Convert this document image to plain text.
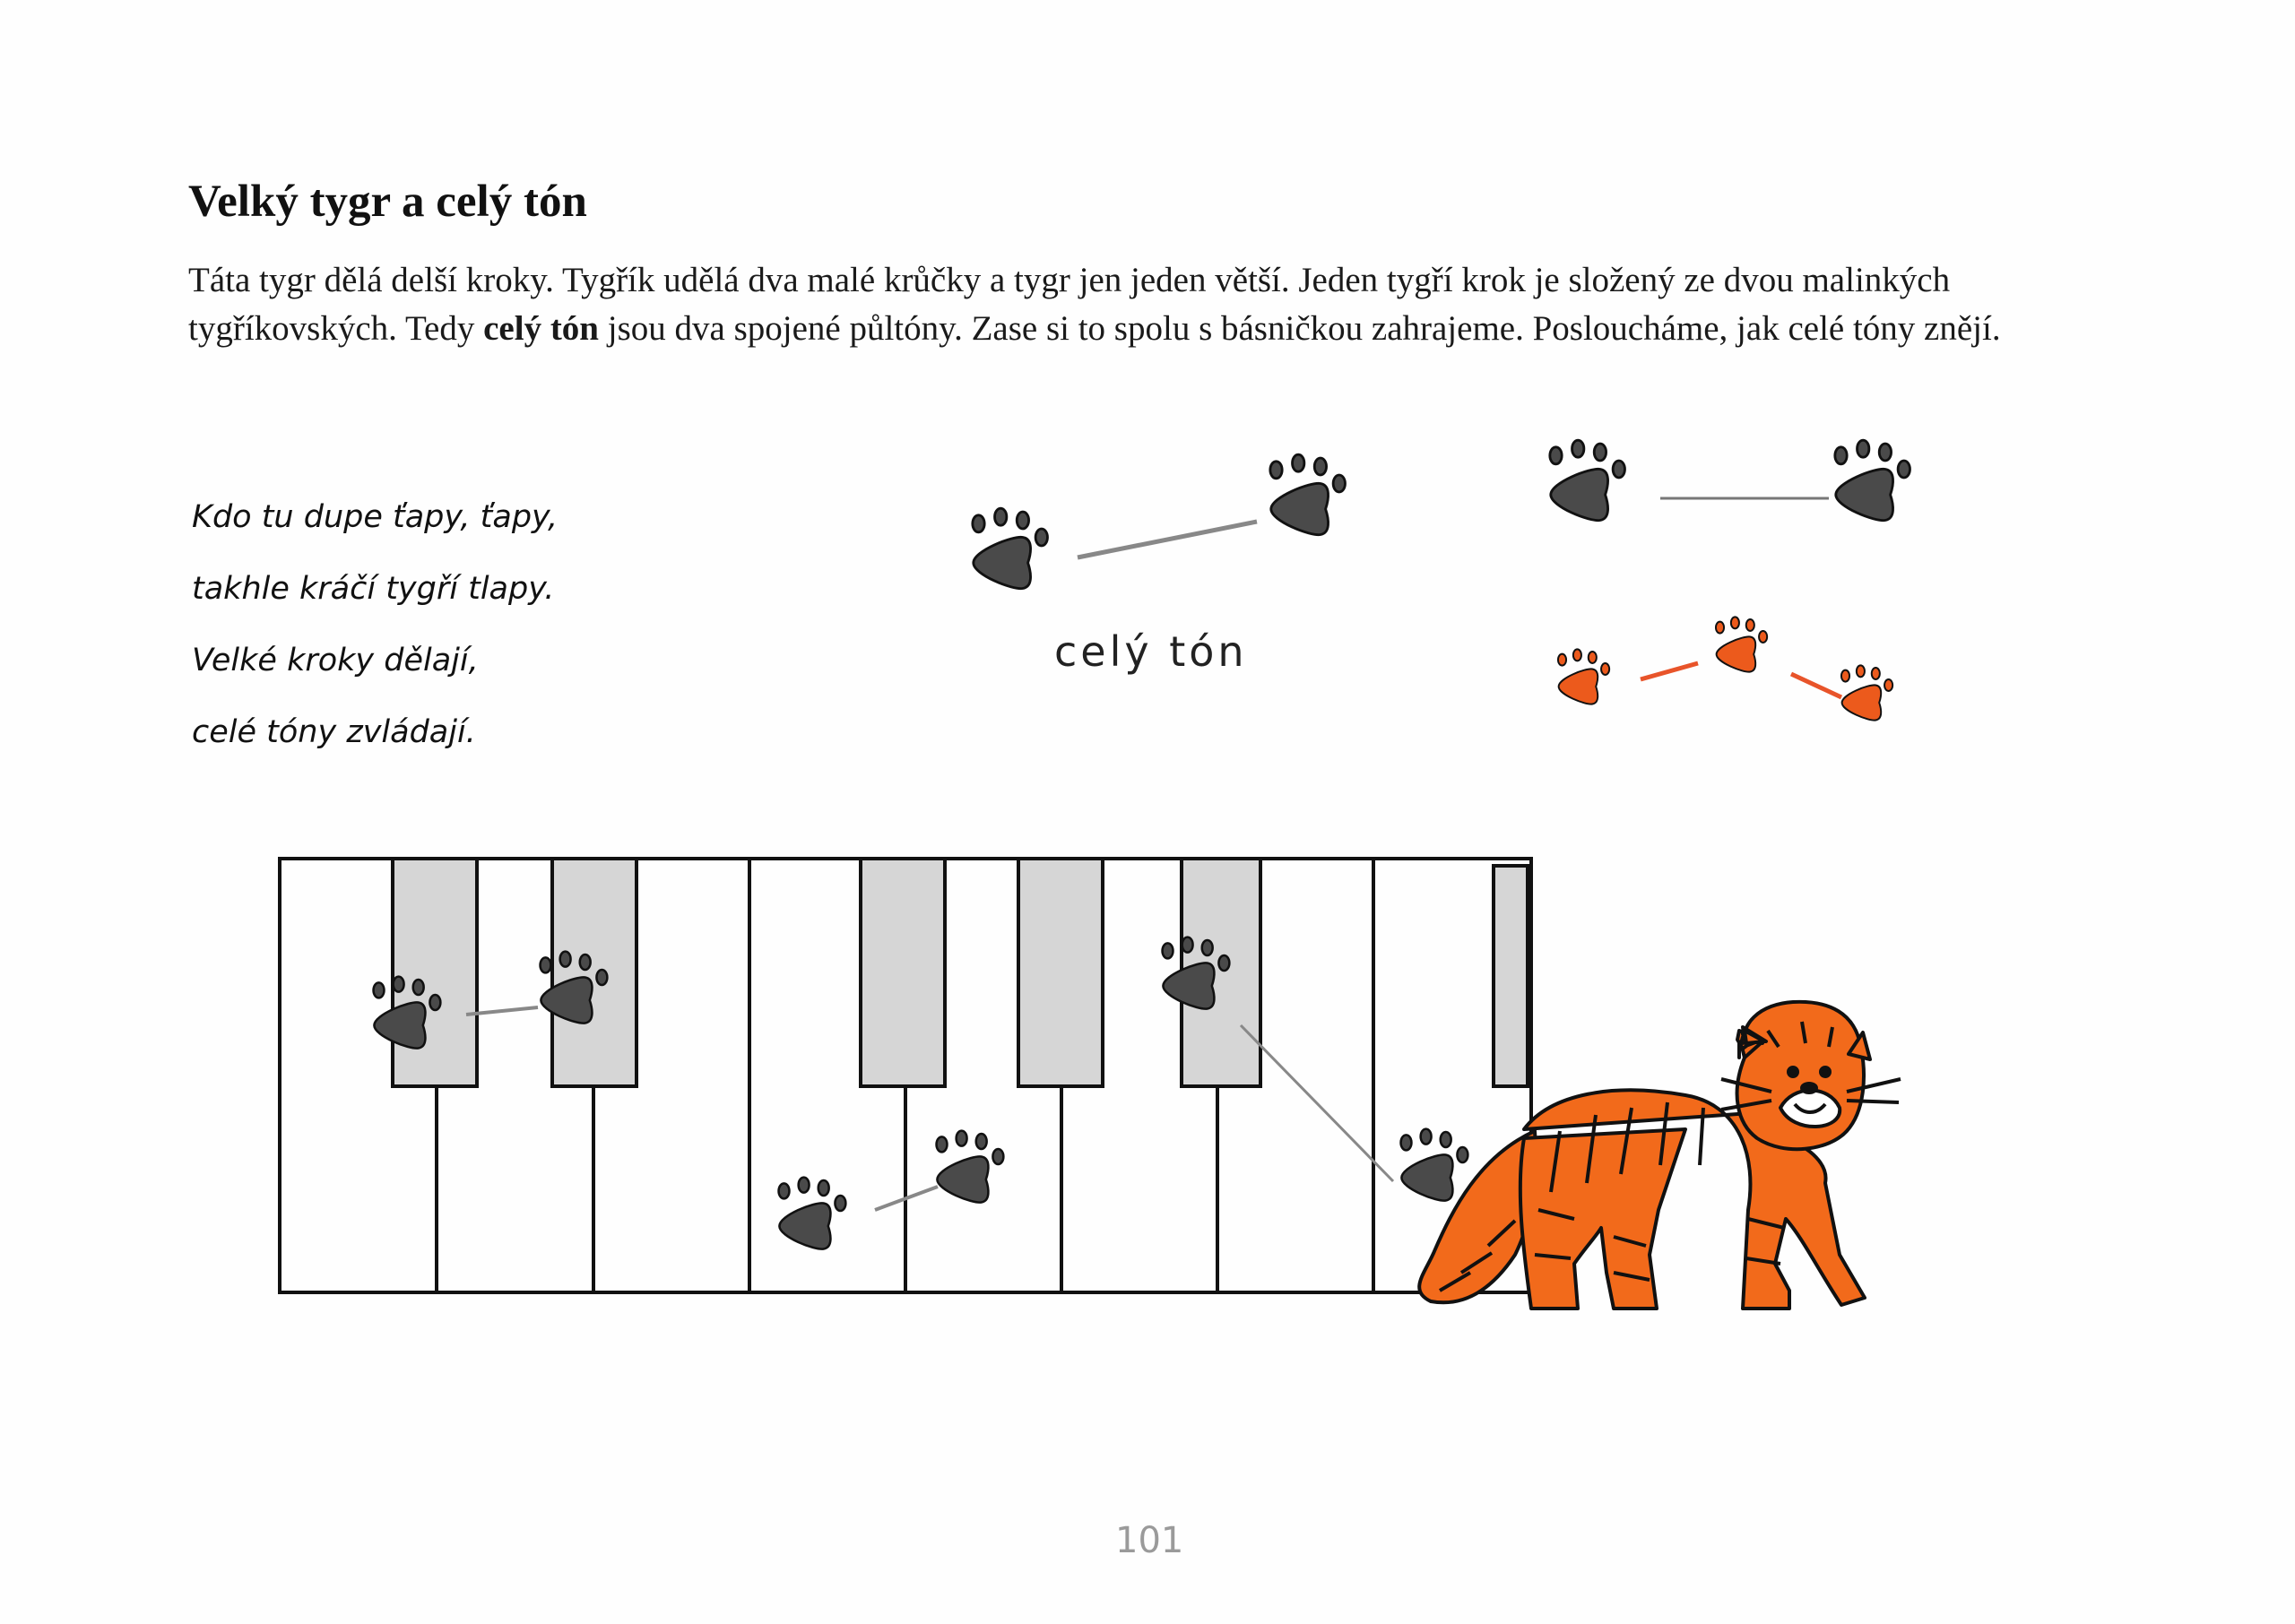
Velký tygr a celý tón

Táta tygr dělá delší kroky. Tygřík udělá dva malé krůčky a tygr jen jeden větší. Jeden tygří krok je složený ze dvou malinkých tygříkovských. Tedy celý tón jsou dva spojené půltóny. Zase si to spolu s básničkou zahrajeme. Posloucháme, jak celé tóny znějí.

Kdo tu dupe ťapy, ťapy,
takhle kráčí tygří tlapy.
Velké kroky dělají,
celé tóny zvládají.
celý tón
101
